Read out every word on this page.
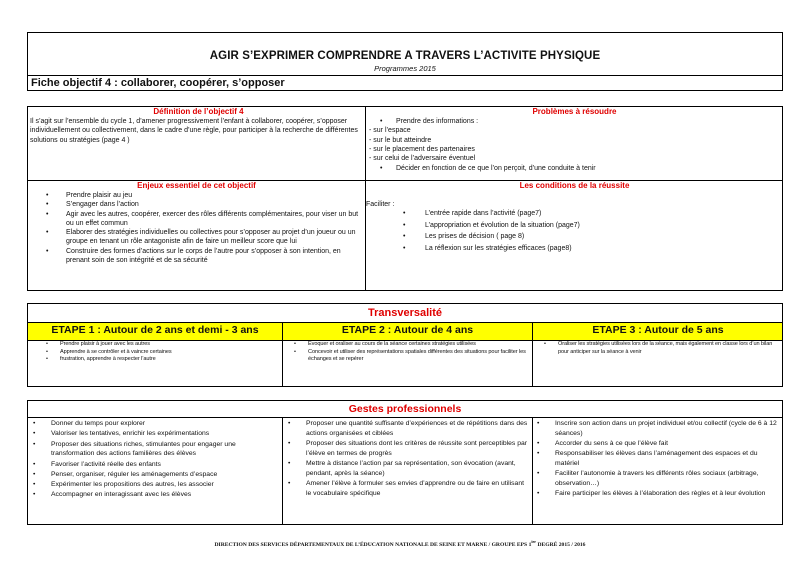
AGIR S’EXPRIMER COMPRENDRE A TRAVERS L’ACTIVITE PHYSIQUE
Programmes 2015
Fiche objectif 4 : collaborer, coopérer, s’opposer
Définition de l’objectif 4
Il s’agit sur l’ensemble du cycle 1, d’amener progressivement l’enfant à collaborer, coopérer, s’opposer individuellement ou collectivement, dans le cadre d’une règle, pour participer à la recherche de différentes solutions ou stratégies (page 4 )
Problèmes à résoudre
• Prendre des informations :
- sur l’espace
- sur le but atteindre
- sur le placement des partenaires
- sur celui de l’adversaire éventuel
• Décider en fonction de ce que l’on perçoit, d’une conduite à tenir
Enjeux essentiel de cet objectif
• Prendre plaisir au jeu
• S’engager dans l’action
• Agir avec les autres, coopérer, exercer des rôles différents complémentaires, pour viser un but ou un effet commun
• Elaborer des stratégies individuelles ou collectives pour s’opposer au projet d’un joueur ou un groupe en tenant un rôle antagoniste afin de faire un meilleur score que lui
• Construire des formes d’actions sur le corps de l’autre pour s’opposer à son intention, en prenant soin de son intégrité et de sa sécurité
Les conditions de la réussite
Faciliter :
• L’entrée rapide dans l’activité (page7)
• L’appropriation et évolution de la situation (page7)
• Les prises de décision ( page 8)
• La réflexion sur les stratégies efficaces (page8)
Transversalité
ETAPE 1 : Autour de 2 ans et demi - 3 ans	ETAPE 2 : Autour de 4 ans	ETAPE 3 : Autour de 5 ans
• Prendre plaisir à jouer avec les autres
• Apprendre à se contrôler et à vaincre certaines
• frustration, apprendre à respecter l’autre
• Evoquer et oraliser au cours de la séance certaines stratégies utilisées
• Concevoir et utiliser des représentations spatiales différentes des situations pour faciliter les échanges et se repérer
• Oraliser les stratégies utilisées lors de la séance, mais également en classe lors d’un bilan pour anticiper sur la séance à venir
Gestes professionnels
• Donner du temps pour explorer
• Valoriser les tentatives, enrichir les expérimentations
• Proposer des situations riches, stimulantes pour engager une transformation des actions familières des élèves
• Favoriser l’activité réelle des enfants
• Penser, organiser, réguler les aménagements d’espace
• Expérimenter les propositions des autres, les associer
• Accompagner en interagissant avec les élèves
• Proposer une quantité suffisante d’expériences et de répétitions dans des actions organisées et ciblées
• Proposer des situations dont les critères de réussite sont perceptibles par l’élève en termes de progrès
• Mettre à distance l’action par sa représentation, son évocation (avant, pendant, après la séance)
• Amener l’élève à formuler ses envies d’apprendre ou de faire en utilisant le vocabulaire spécifique
• Inscrire son action dans un projet individuel et/ou collectif (cycle de 6 à 12 séances)
• Accorder du sens à ce que l’élève fait
• Responsabiliser les élèves dans l’aménagement des espaces et du matériel
• Faciliter l’autonomie à travers les différents rôles sociaux (arbitrage, observation…)
• Faire participer les élèves à l’élaboration des règles et à leur évolution
DIRECTION DES SERVICES DÉPARTEMENTAUX DE L’ÉDUCATION NATIONALE DE SEINE ET MARNE / GROUPE EPS $1^{ier}$ DEGRÉ 2015 / 2016
